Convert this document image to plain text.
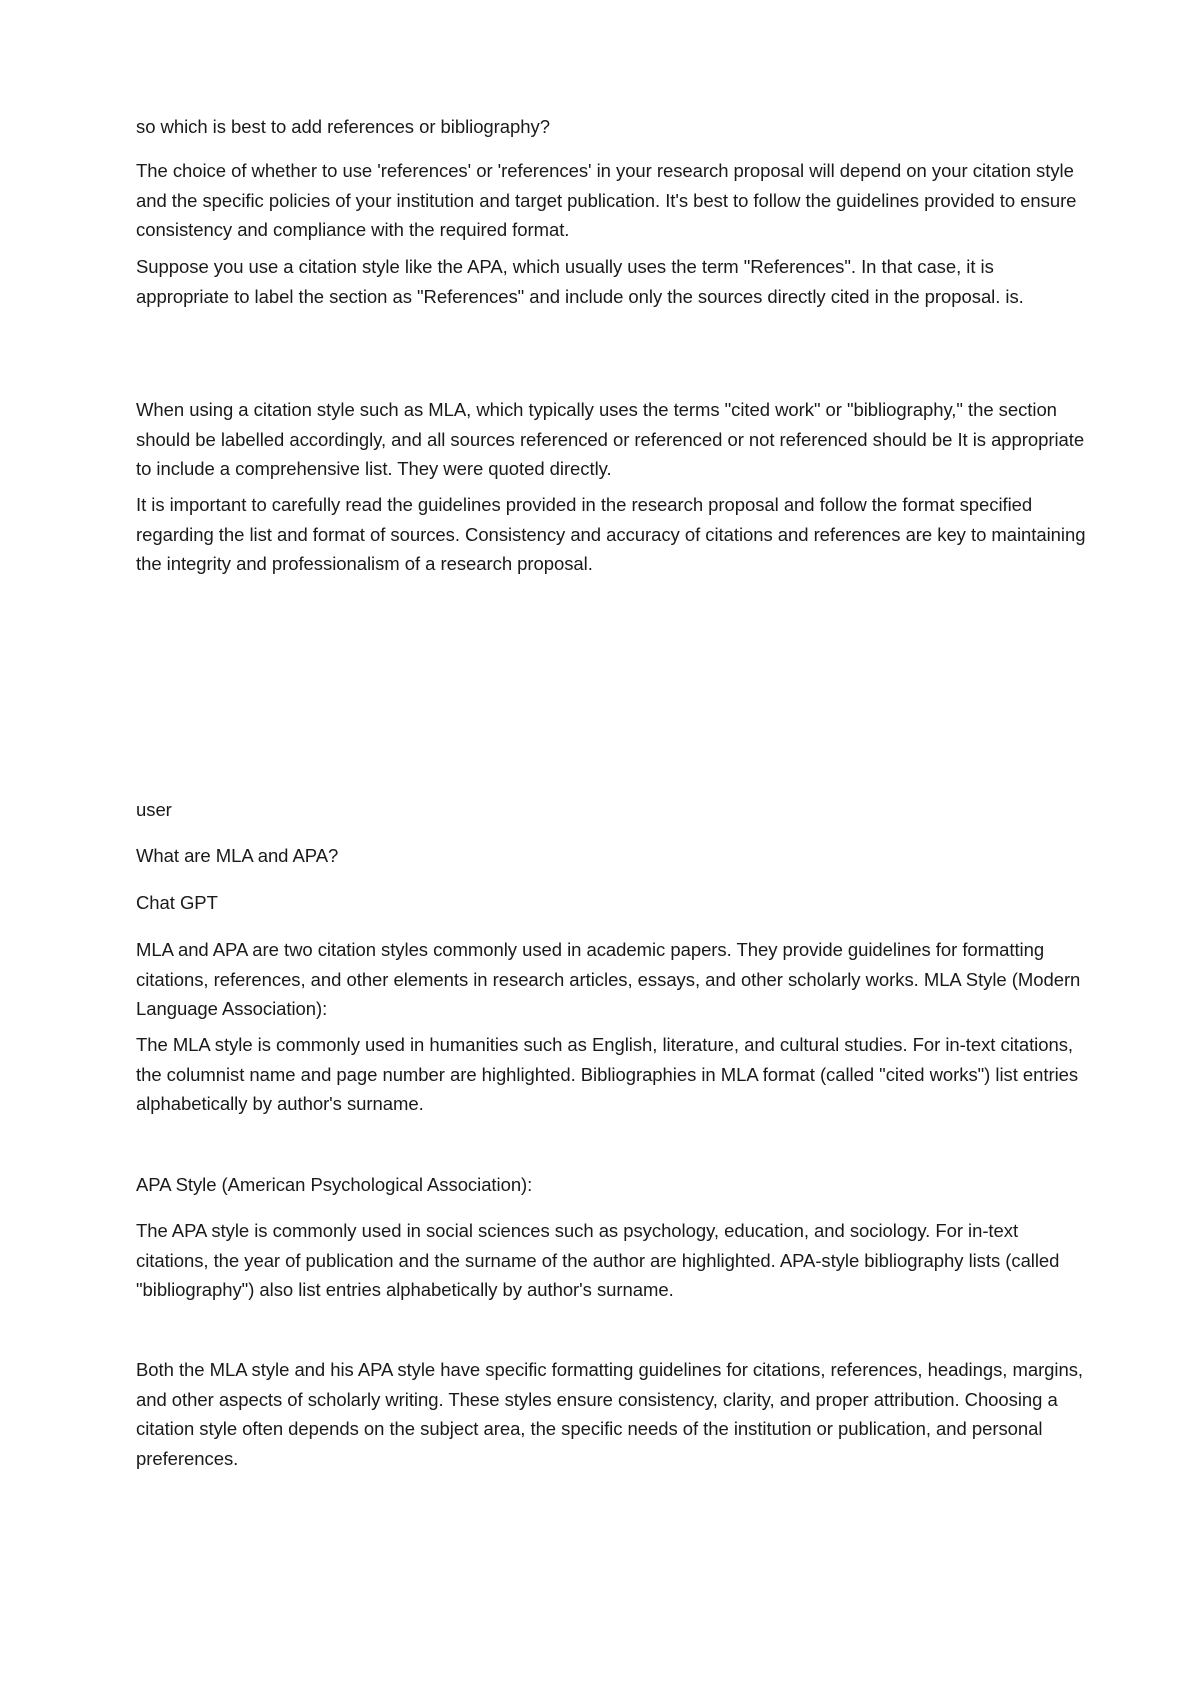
so which is best to add references or bibliography?

The choice of whether to use 'references' or 'references' in your research proposal will depend on your citation style and the specific policies of your institution and target publication. It's best to follow the guidelines provided to ensure consistency and compliance with the required format.

Suppose you use a citation style like the APA, which usually uses the term "References". In that case, it is appropriate to label the section as "References" and include only the sources directly cited in the proposal. is.

When using a citation style such as MLA, which typically uses the terms "cited work" or "bibliography," the section should be labelled accordingly, and all sources referenced or referenced or not referenced should be It is appropriate to include a comprehensive list. They were quoted directly.

It is important to carefully read the guidelines provided in the research proposal and follow the format specified regarding the list and format of sources. Consistency and accuracy of citations and references are key to maintaining the integrity and professionalism of a research proposal.

user

What are MLA and APA?

Chat GPT

MLA and APA are two citation styles commonly used in academic papers. They provide guidelines for formatting citations, references, and other elements in research articles, essays, and other scholarly works. MLA Style (Modern Language Association):

The MLA style is commonly used in humanities such as English, literature, and cultural studies. For in-text citations, the columnist name and page number are highlighted. Bibliographies in MLA format (called "cited works") list entries alphabetically by author's surname.

APA Style (American Psychological Association):

The APA style is commonly used in social sciences such as psychology, education, and sociology. For in-text citations, the year of publication and the surname of the author are highlighted. APA-style bibliography lists (called "bibliography") also list entries alphabetically by author's surname.

Both the MLA style and his APA style have specific formatting guidelines for citations, references, headings, margins, and other aspects of scholarly writing. These styles ensure consistency, clarity, and proper attribution. Choosing a citation style often depends on the subject area, the specific needs of the institution or publication, and personal preferences.
